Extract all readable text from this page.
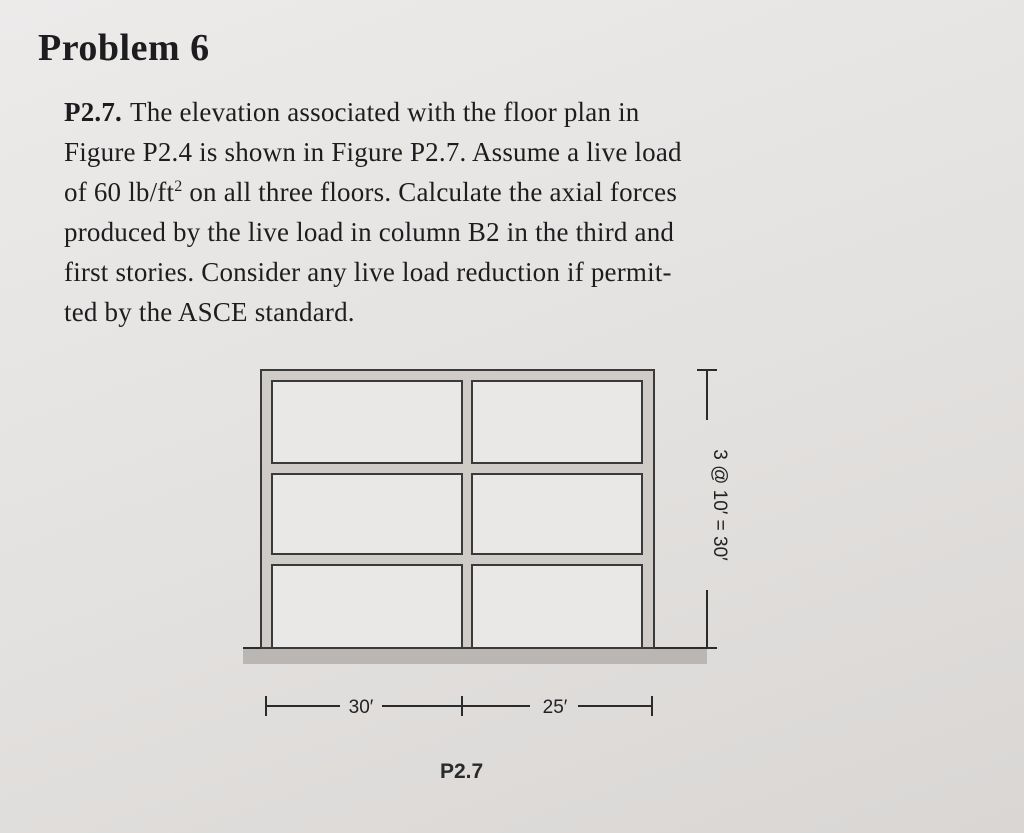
Problem 6
P2.7. The elevation associated with the floor plan in
Figure P2.4 is shown in Figure P2.7. Assume a live load
of 60 $lb/ft^2$ on all three floors. Calculate the axial forces
produced by the live load in column B2 in the third and
first stories. Consider any live load reduction if permit-
ted by the ASCE standard.
3 @ 10′ = 30′
30′	25′
P2.7
